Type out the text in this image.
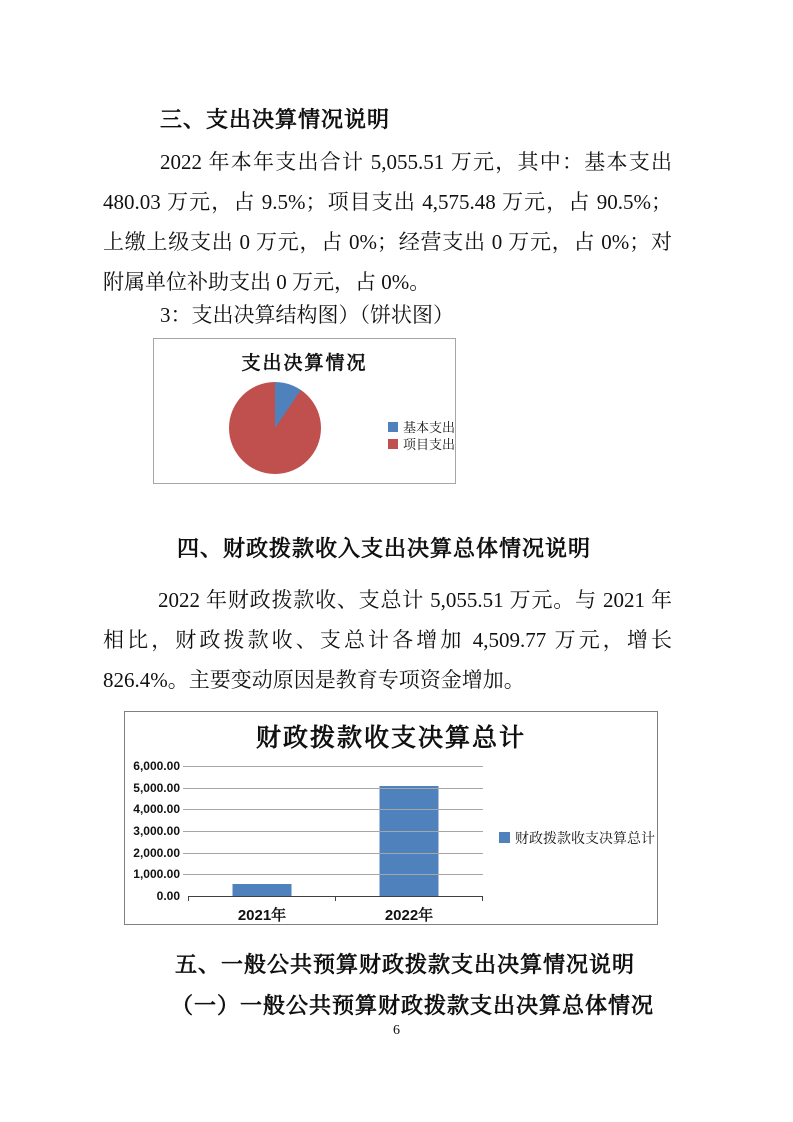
三、支出决算情况说明
2022 年本年支出合计 5,055.51 万元，其中：基本支出
480.03 万元，占 9.5%；项目支出 4,575.48 万元，占 90.5%；
上缴上级支出 0 万元，占 0%；经营支出 0 万元，占 0%；对
附属单位补助支出 0 万元，占 0%。
3：支出决算结构图）（饼状图）
支出决算情况
基本支出
项目支出
四、财政拨款收入支出决算总体情况说明
2022 年财政拨款收、支总计 5,055.51 万元。与 2021 年
相比，财政拨款收、支总计各增加 4,509.77 万元，增长
826.4%。主要变动原因是教育专项资金增加。
财政拨款收支决算总计
0.00
1,000.00
2,000.00
3,000.00
4,000.00
5,000.00
6,000.00
2021年	2022年
财政拨款收支决算总计
五、一般公共预算财政拨款支出决算情况说明
（一）一般公共预算财政拨款支出决算总体情况
6
